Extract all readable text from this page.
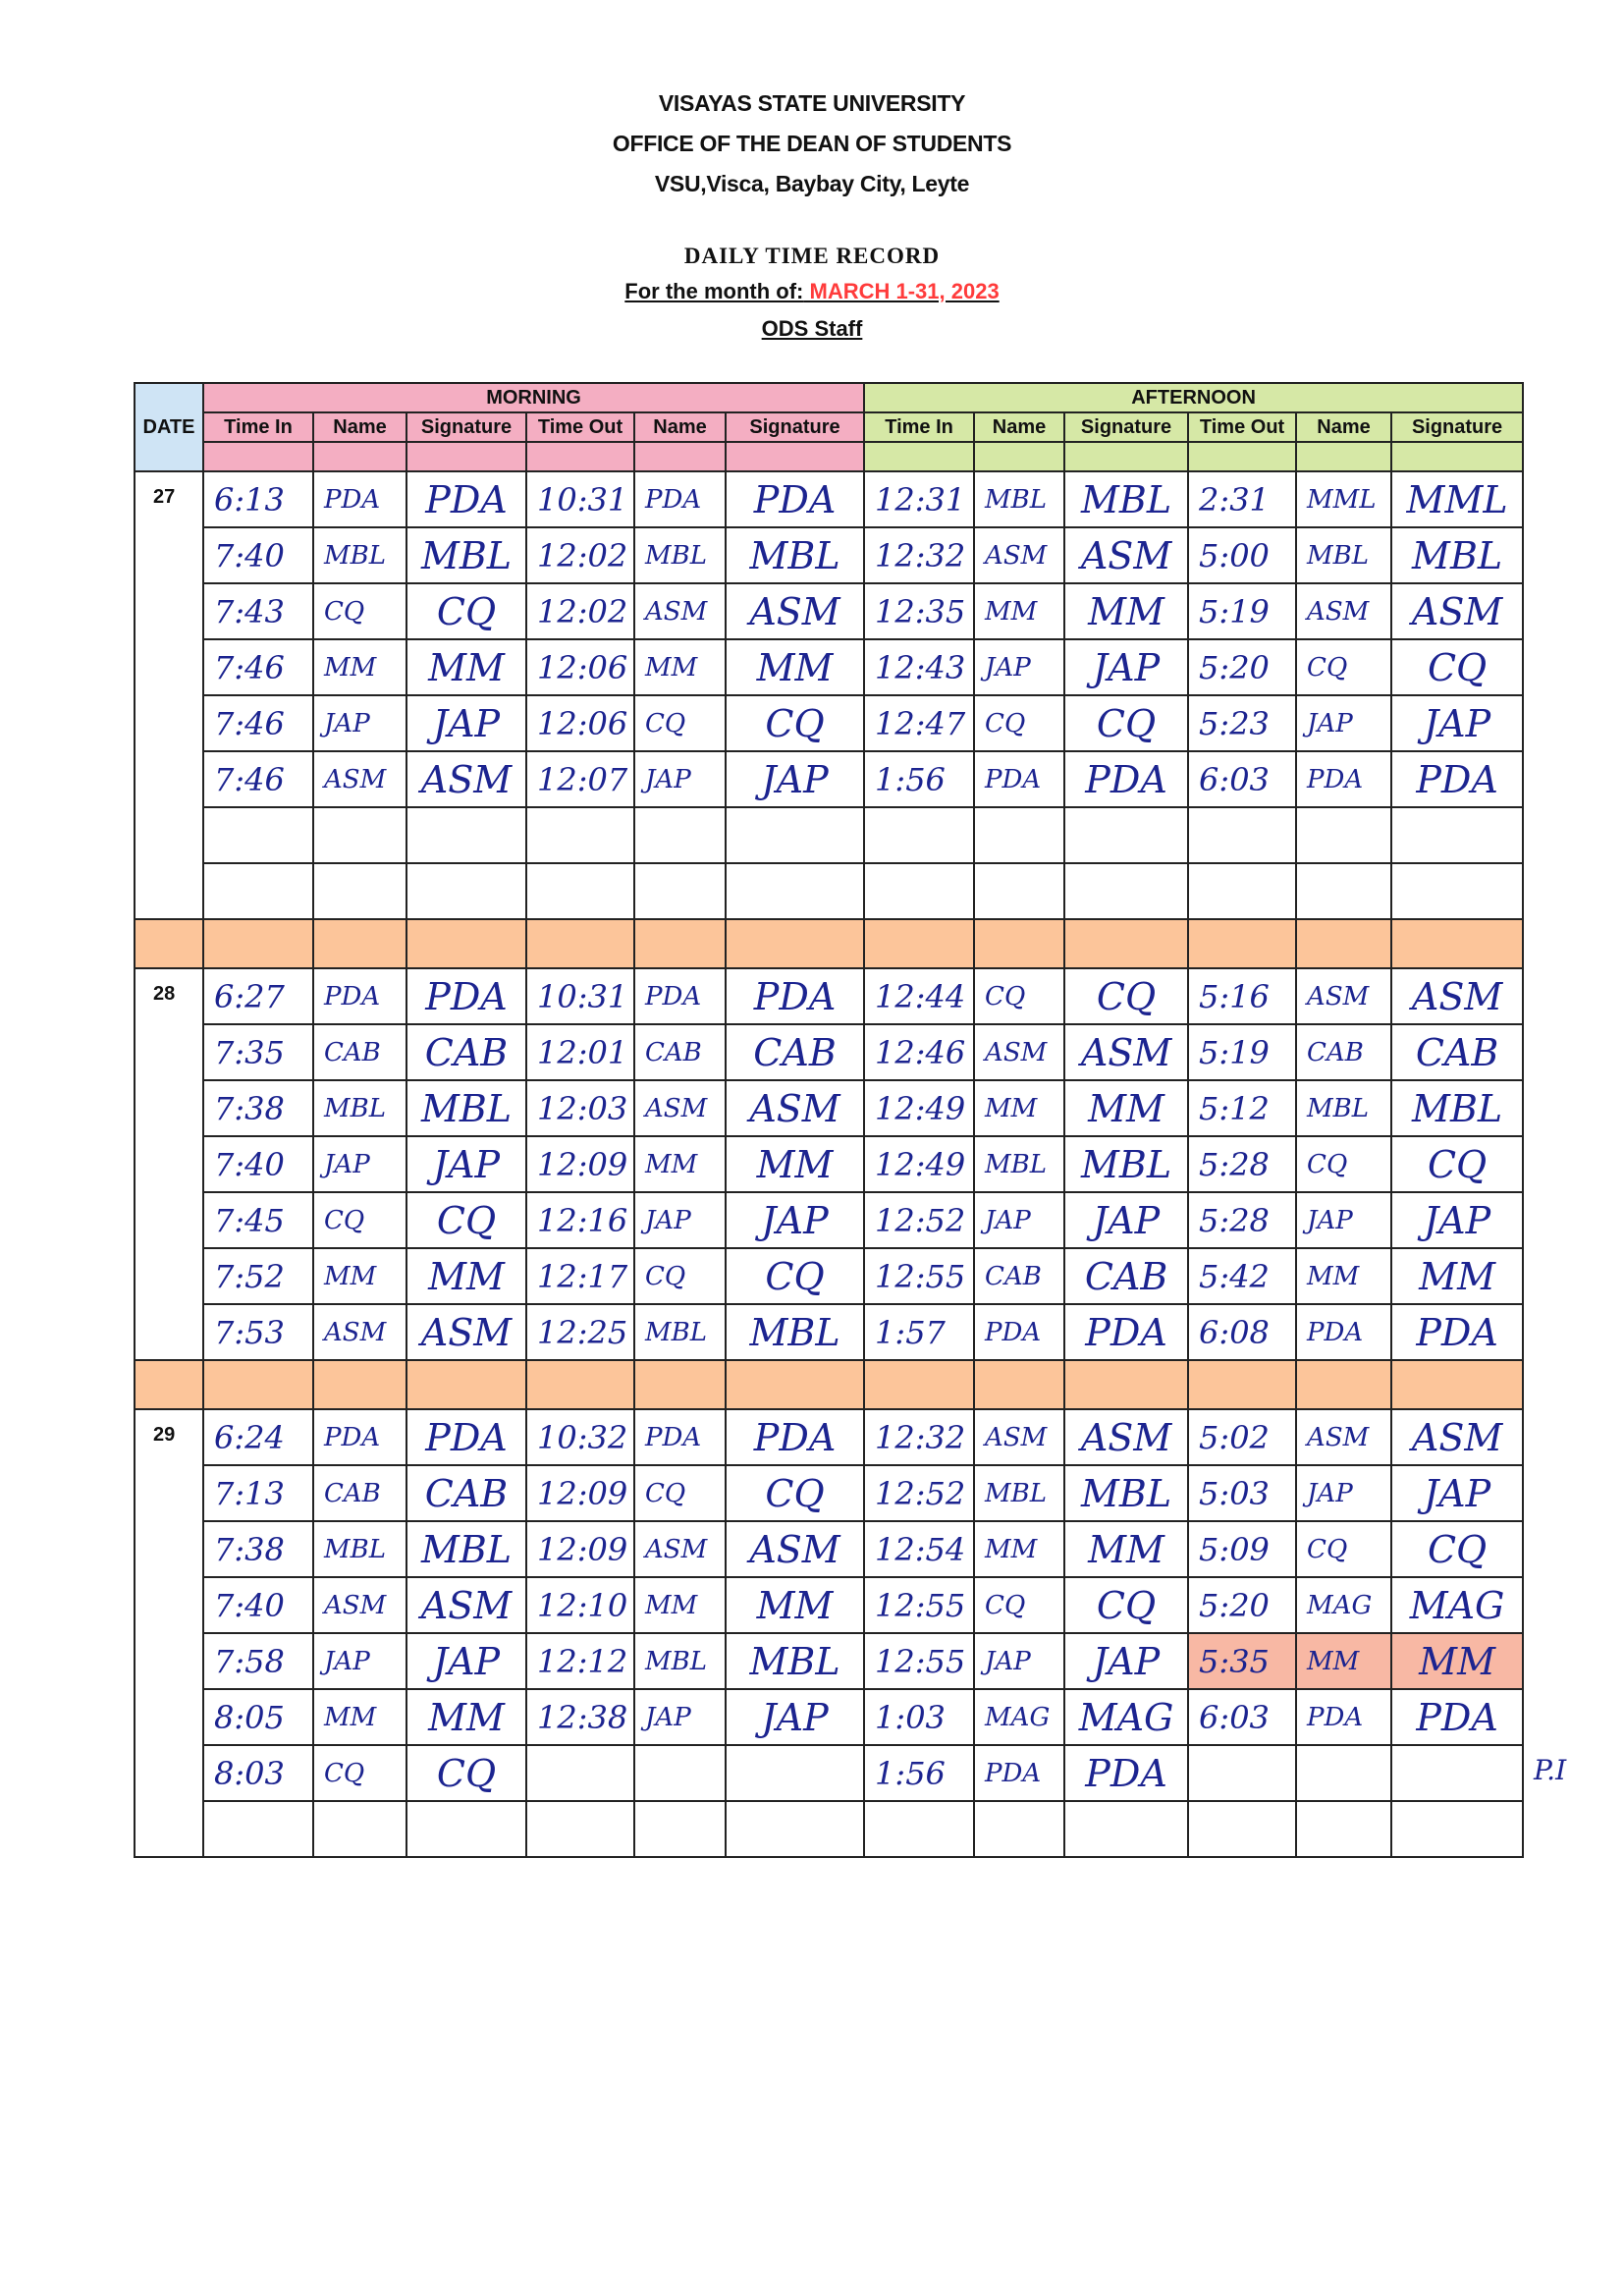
VISAYAS STATE UNIVERSITY
OFFICE OF THE DEAN OF STUDENTS
VSU,Visca, Baybay City, Leyte
DAILY TIME RECORD
For the month of: MARCH 1-31, 2023
ODS Staff
DATE	MORNING						AFTERNOON					
	Time In	Name	Signature	Time Out	Name	Signature	Time In	Name	Signature	Time Out	Name	Signature

27	6:13	PDA	PDA	10:31	PDA	PDA	12:31	MBL	MBL	2:31	MML	MML

	7:40	MBL	MBL	12:02	MBL	MBL	12:32	ASM	ASM	5:00	MBL	MBL

	7:43	CQ	CQ	12:02	ASM	ASM	12:35	MM	MM	5:19	ASM	ASM

	7:46	MM	MM	12:06	MM	MM	12:43	JAP	JAP	5:20	CQ	CQ

	7:46	JAP	JAP	12:06	CQ	CQ	12:47	CQ	CQ	5:23	JAP	JAP

	7:46	ASM	ASM	12:07	JAP	JAP	1:56	PDA	PDA	6:03	PDA	PDA

28	6:27	PDA	PDA	10:31	PDA	PDA	12:44	CQ	CQ	5:16	ASM	ASM

	7:35	CAB	CAB	12:01	CAB	CAB	12:46	ASM	ASM	5:19	CAB	CAB

	7:38	MBL	MBL	12:03	ASM	ASM	12:49	MM	MM	5:12	MBL	MBL

	7:40	JAP	JAP	12:09	MM	MM	12:49	MBL	MBL	5:28	CQ	CQ

	7:45	CQ	CQ	12:16	JAP	JAP	12:52	JAP	JAP	5:28	JAP	JAP

	7:52	MM	MM	12:17	CQ	CQ	12:55	CAB	CAB	5:42	MM	MM

	7:53	ASM	ASM	12:25	MBL	MBL	1:57	PDA	PDA	6:08	PDA	PDA

29	6:24	PDA	PDA	10:32	PDA	PDA	12:32	ASM	ASM	5:02	ASM	ASM

	7:13	CAB	CAB	12:09	CQ	CQ	12:52	MBL	MBL	5:03	JAP	JAP

	7:38	MBL	MBL	12:09	ASM	ASM	12:54	MM	MM	5:09	CQ	CQ

	7:40	ASM	ASM	12:10	MM	MM	12:55	CQ	CQ	5:20	MAG	MAG

	7:58	JAP	JAP	12:12	MBL	MBL	12:55	JAP	JAP	5:35	MM	MM

	8:05	MM	MM	12:38	JAP	JAP	1:03	MAG	MAG	6:03	PDA	PDA

	8:03	CQ	CQ				1:56	PDA	PDA			

		P.I
